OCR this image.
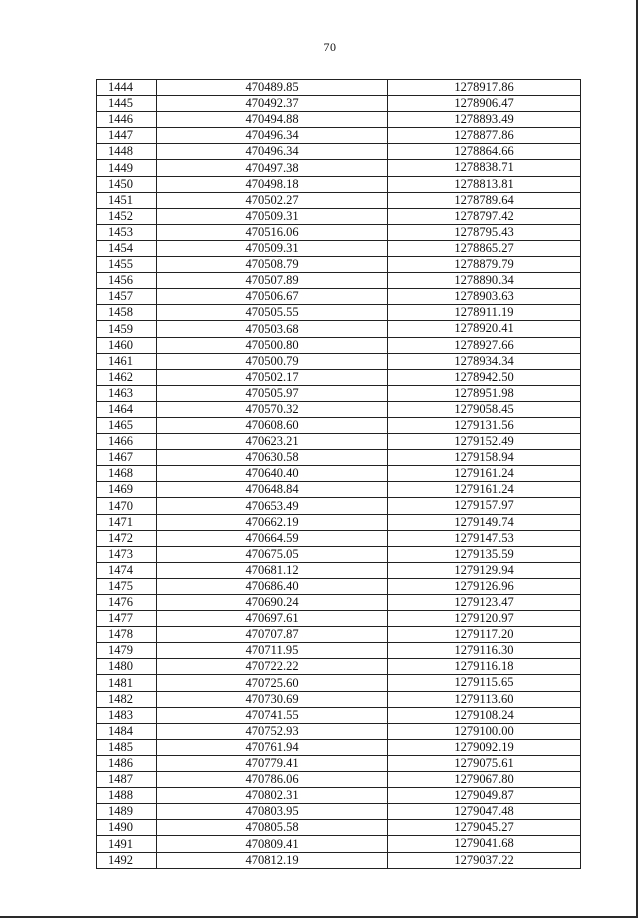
70
1444	470489.85	1278917.86
1445	470492.37	1278906.47
1446	470494.88	1278893.49
1447	470496.34	1278877.86
1448	470496.34	1278864.66
1449	470497.38	1278838.71
1450	470498.18	1278813.81
1451	470502.27	1278789.64
1452	470509.31	1278797.42
1453	470516.06	1278795.43
1454	470509.31	1278865.27
1455	470508.79	1278879.79
1456	470507.89	1278890.34
1457	470506.67	1278903.63
1458	470505.55	1278911.19
1459	470503.68	1278920.41
1460	470500.80	1278927.66
1461	470500.79	1278934.34
1462	470502.17	1278942.50
1463	470505.97	1278951.98
1464	470570.32	1279058.45
1465	470608.60	1279131.56
1466	470623.21	1279152.49
1467	470630.58	1279158.94
1468	470640.40	1279161.24
1469	470648.84	1279161.24
1470	470653.49	1279157.97
1471	470662.19	1279149.74
1472	470664.59	1279147.53
1473	470675.05	1279135.59
1474	470681.12	1279129.94
1475	470686.40	1279126.96
1476	470690.24	1279123.47
1477	470697.61	1279120.97
1478	470707.87	1279117.20
1479	470711.95	1279116.30
1480	470722.22	1279116.18
1481	470725.60	1279115.65
1482	470730.69	1279113.60
1483	470741.55	1279108.24
1484	470752.93	1279100.00
1485	470761.94	1279092.19
1486	470779.41	1279075.61
1487	470786.06	1279067.80
1488	470802.31	1279049.87
1489	470803.95	1279047.48
1490	470805.58	1279045.27
1491	470809.41	1279041.68
1492	470812.19	1279037.22
